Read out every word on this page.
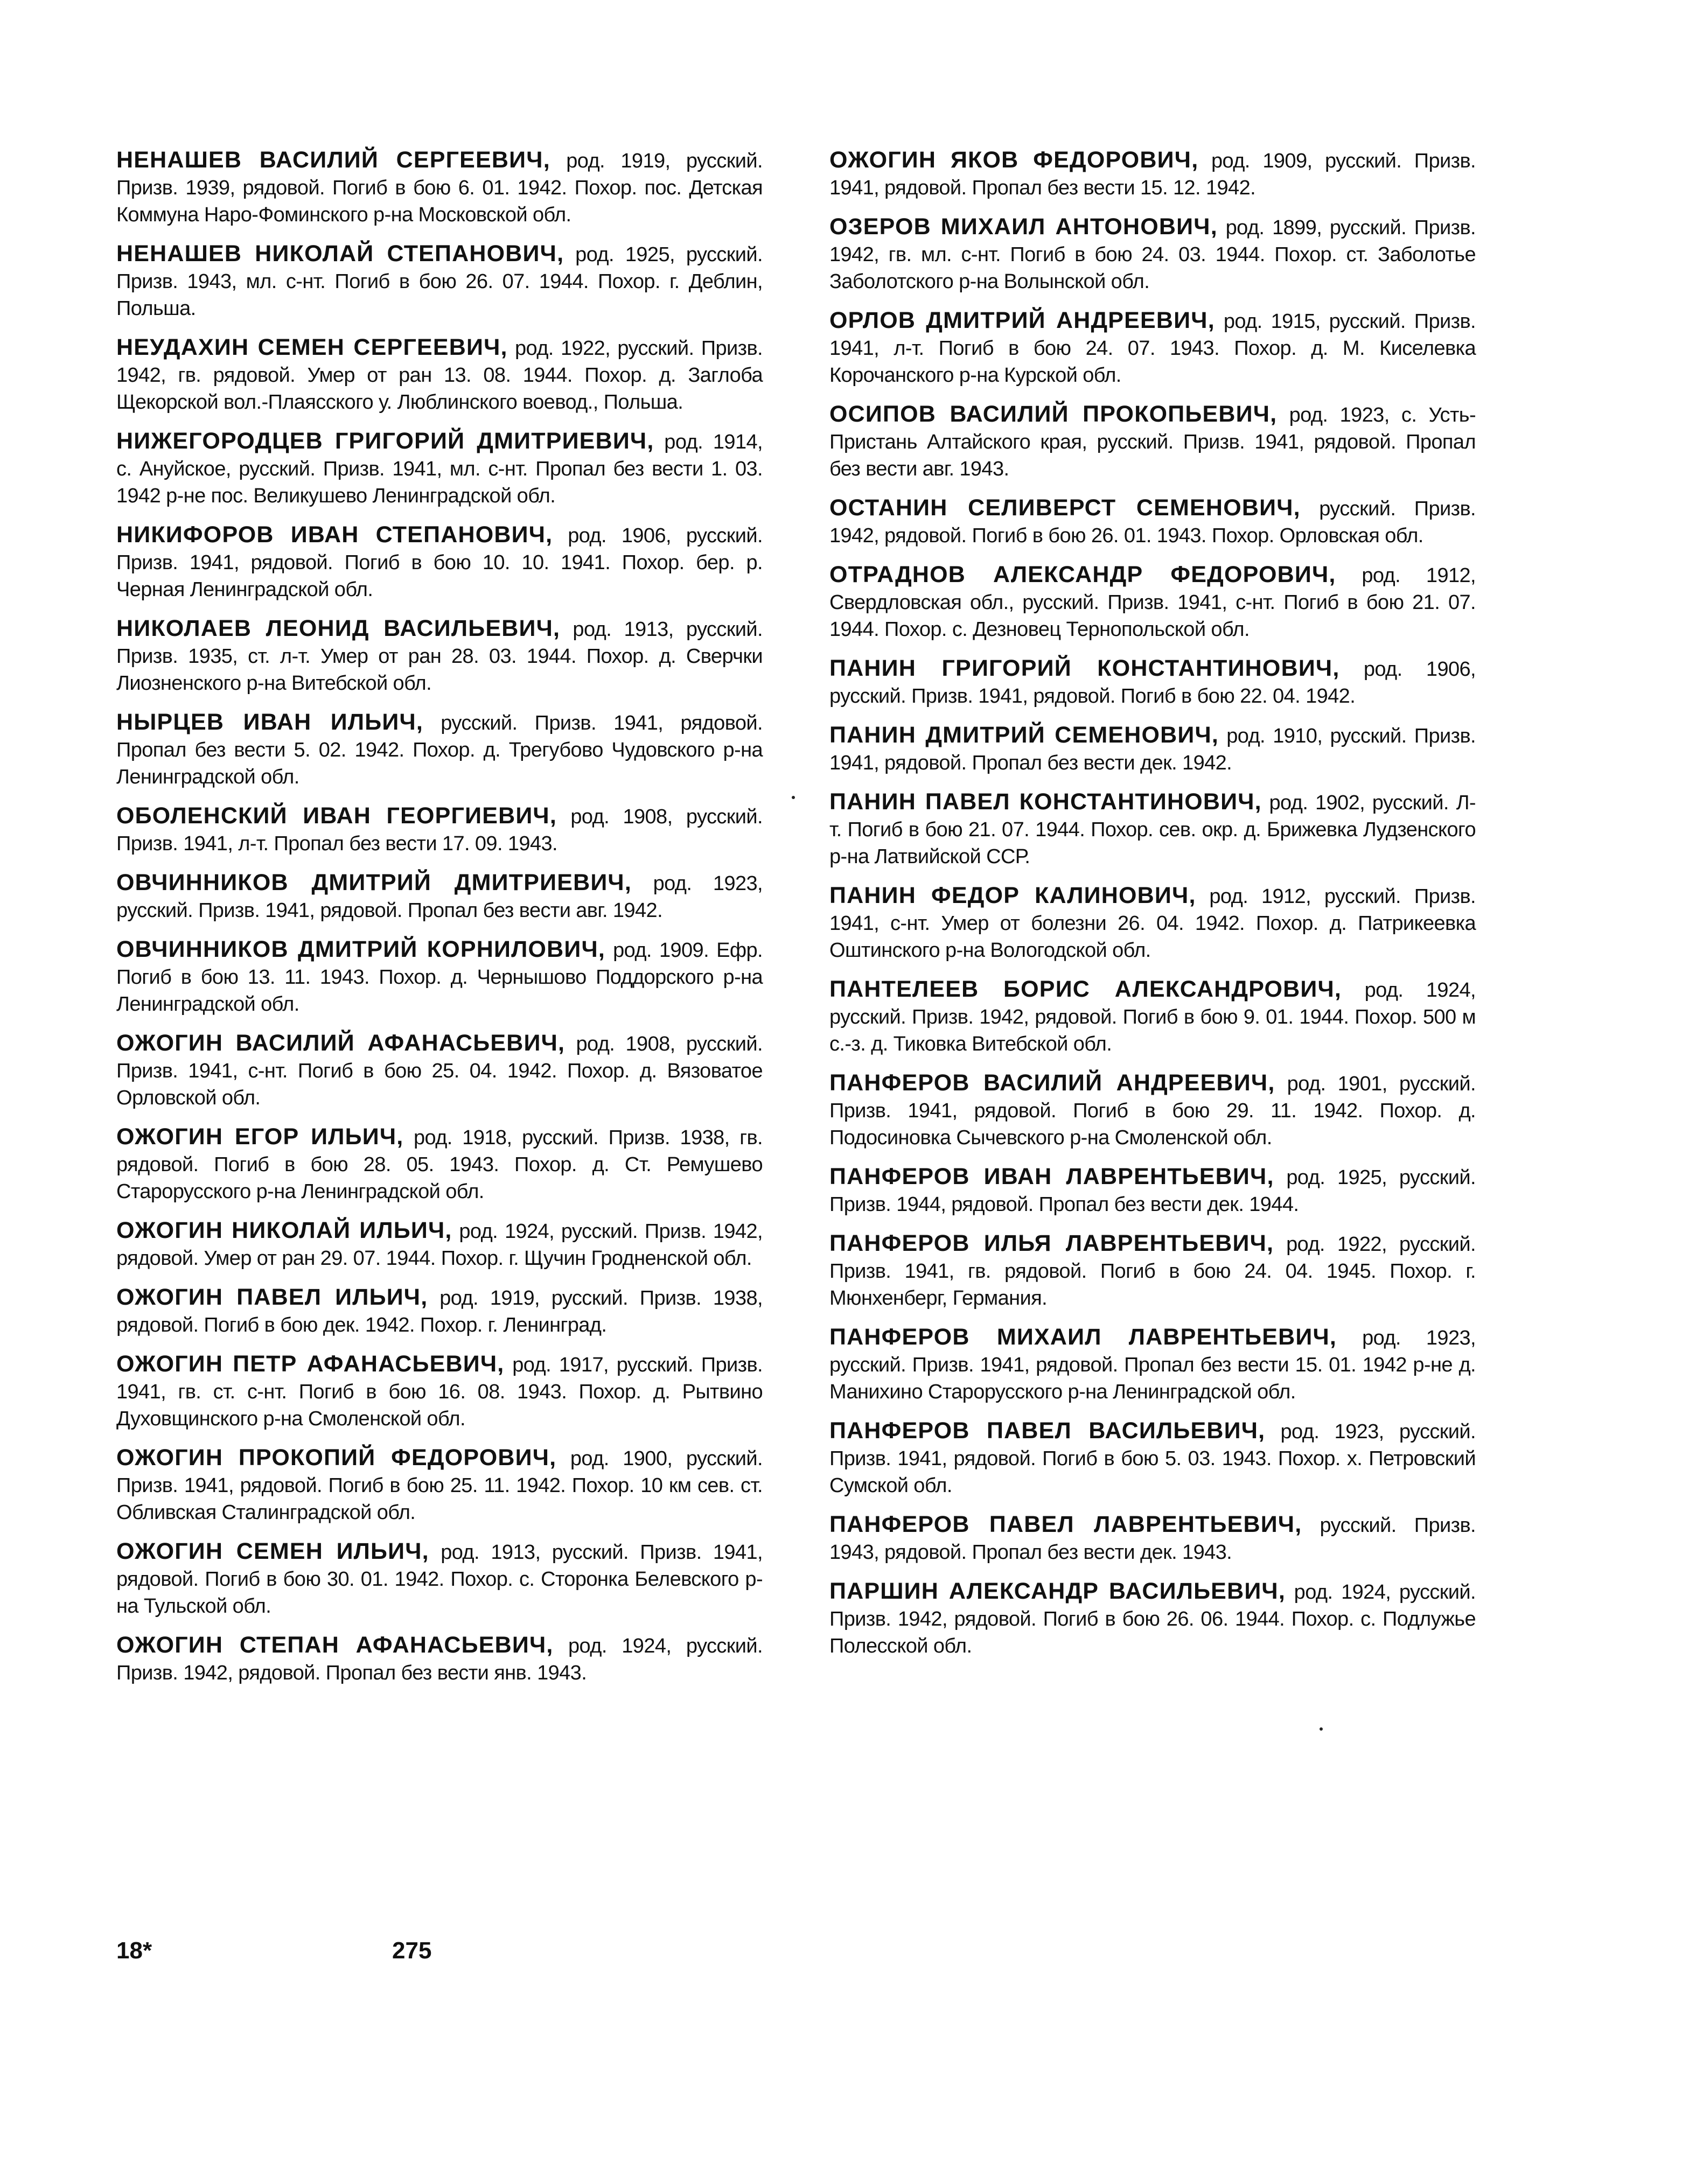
НЕНАШЕВ ВАСИЛИЙ СЕРГЕЕВИЧ, род. 1919, русский. Призв. 1939, рядовой. Погиб в бою 6. 01. 1942. Похор. пос. Детская Коммуна Наро-Фоминского р-на Московской обл.

НЕНАШЕВ НИКОЛАЙ СТЕПАНОВИЧ, род. 1925, русский. Призв. 1943, мл. с-нт. Погиб в бою 26. 07. 1944. Похор. г. Деблин, Польша.

НЕУДАХИН СЕМЕН СЕРГЕЕВИЧ, род. 1922, русский. Призв. 1942, гв. рядовой. Умер от ран 13. 08. 1944. Похор. д. Заглоба Щекорской вол.-Плаясского у. Люблинского воевод., Польша.

НИЖЕГОРОДЦЕВ ГРИГОРИЙ ДМИТРИЕВИЧ, род. 1914, с. Ануйское, русский. Призв. 1941, мл. с-нт. Пропал без вести 1. 03. 1942 р-не пос. Великушево Ленинградской обл.

НИКИФОРОВ ИВАН СТЕПАНОВИЧ, род. 1906, русский. Призв. 1941, рядовой. Погиб в бою 10. 10. 1941. Похор. бер. р. Черная Ленинградской обл.

НИКОЛАЕВ ЛЕОНИД ВАСИЛЬЕВИЧ, род. 1913, русский. Призв. 1935, ст. л-т. Умер от ран 28. 03. 1944. Похор. д. Сверчки Лиозненского р-на Витебской обл.

НЫРЦЕВ ИВАН ИЛЬИЧ, русский. Призв. 1941, рядовой. Пропал без вести 5. 02. 1942. Похор. д. Трегубово Чудовского р-на Ленинградской обл.

ОБОЛЕНСКИЙ ИВАН ГЕОРГИЕВИЧ, род. 1908, русский. Призв. 1941, л-т. Пропал без вести 17. 09. 1943.

ОВЧИННИКОВ ДМИТРИЙ ДМИТРИЕВИЧ, род. 1923, русский. Призв. 1941, рядовой. Пропал без вести авг. 1942.

ОВЧИННИКОВ ДМИТРИЙ КОРНИЛОВИЧ, род. 1909. Ефр. Погиб в бою 13. 11. 1943. Похор. д. Чернышово Поддорского р-на Ленинградской обл.

ОЖОГИН ВАСИЛИЙ АФАНАСЬЕВИЧ, род. 1908, русский. Призв. 1941, с-нт. Погиб в бою 25. 04. 1942. Похор. д. Вязоватое Орловской обл.

ОЖОГИН ЕГОР ИЛЬИЧ, род. 1918, русский. Призв. 1938, гв. рядовой. Погиб в бою 28. 05. 1943. Похор. д. Ст. Ремушево Старорусского р-на Ленинградской обл.

ОЖОГИН НИКОЛАЙ ИЛЬИЧ, род. 1924, русский. Призв. 1942, рядовой. Умер от ран 29. 07. 1944. Похор. г. Щучин Гродненской обл.

ОЖОГИН ПАВЕЛ ИЛЬИЧ, род. 1919, русский. Призв. 1938, рядовой. Погиб в бою дек. 1942. Похор. г. Ленинград.

ОЖОГИН ПЕТР АФАНАСЬЕВИЧ, род. 1917, русский. Призв. 1941, гв. ст. с-нт. Погиб в бою 16. 08. 1943. Похор. д. Рытвино Духовщинского р-на Смоленской обл.

ОЖОГИН ПРОКОПИЙ ФЕДОРОВИЧ, род. 1900, русский. Призв. 1941, рядовой. Погиб в бою 25. 11. 1942. Похор. 10 км сев. ст. Обливская Сталинградской обл.

ОЖОГИН СЕМЕН ИЛЬИЧ, род. 1913, русский. Призв. 1941, рядовой. Погиб в бою 30. 01. 1942. Похор. с. Сторонка Белевского р-на Тульской обл.

ОЖОГИН СТЕПАН АФАНАСЬЕВИЧ, род. 1924, русский. Призв. 1942, рядовой. Пропал без вести янв. 1943.

ОЖОГИН ЯКОВ ФЕДОРОВИЧ, род. 1909, русский. Призв. 1941, рядовой. Пропал без вести 15. 12. 1942.

ОЗЕРОВ МИХАИЛ АНТОНОВИЧ, род. 1899, русский. Призв. 1942, гв. мл. с-нт. Погиб в бою 24. 03. 1944. Похор. ст. Заболотье Заболотского р-на Волынской обл.

ОРЛОВ ДМИТРИЙ АНДРЕЕВИЧ, род. 1915, русский. Призв. 1941, л-т. Погиб в бою 24. 07. 1943. Похор. д. М. Киселевка Корочанского р-на Курской обл.

ОСИПОВ ВАСИЛИЙ ПРОКОПЬЕВИЧ, род. 1923, с. Усть-Пристань Алтайского края, русский. Призв. 1941, рядовой. Пропал без вести авг. 1943.

ОСТАНИН СЕЛИВЕРСТ СЕМЕНОВИЧ, русский. Призв. 1942, рядовой. Погиб в бою 26. 01. 1943. Похор. Орловская обл.

ОТРАДНОВ АЛЕКСАНДР ФЕДОРОВИЧ, род. 1912, Свердловская обл., русский. Призв. 1941, с-нт. Погиб в бою 21. 07. 1944. Похор. с. Дезновец Тернопольской обл.

ПАНИН ГРИГОРИЙ КОНСТАНТИНОВИЧ, род. 1906, русский. Призв. 1941, рядовой. Погиб в бою 22. 04. 1942.

ПАНИН ДМИТРИЙ СЕМЕНОВИЧ, род. 1910, русский. Призв. 1941, рядовой. Пропал без вести дек. 1942.

ПАНИН ПАВЕЛ КОНСТАНТИНОВИЧ, род. 1902, русский. Л-т. Погиб в бою 21. 07. 1944. Похор. сев. окр. д. Брижевка Лудзенского р-на Латвийской ССР.

ПАНИН ФЕДОР КАЛИНОВИЧ, род. 1912, русский. Призв. 1941, с-нт. Умер от болезни 26. 04. 1942. Похор. д. Патрикеевка Оштинского р-на Вологодской обл.

ПАНТЕЛЕЕВ БОРИС АЛЕКСАНДРОВИЧ, род. 1924, русский. Призв. 1942, рядовой. Погиб в бою 9. 01. 1944. Похор. 500 м с.-з. д. Тиковка Витебской обл.

ПАНФЕРОВ ВАСИЛИЙ АНДРЕЕВИЧ, род. 1901, русский. Призв. 1941, рядовой. Погиб в бою 29. 11. 1942. Похор. д. Подосиновка Сычевского р-на Смоленской обл.

ПАНФЕРОВ ИВАН ЛАВРЕНТЬЕВИЧ, род. 1925, русский. Призв. 1944, рядовой. Пропал без вести дек. 1944.

ПАНФЕРОВ ИЛЬЯ ЛАВРЕНТЬЕВИЧ, род. 1922, русский. Призв. 1941, гв. рядовой. Погиб в бою 24. 04. 1945. Похор. г. Мюнхенберг, Германия.

ПАНФЕРОВ МИХАИЛ ЛАВРЕНТЬЕВИЧ, род. 1923, русский. Призв. 1941, рядовой. Пропал без вести 15. 01. 1942 р-не д. Манихино Старорусского р-на Ленинградской обл.

ПАНФЕРОВ ПАВЕЛ ВАСИЛЬЕВИЧ, род. 1923, русский. Призв. 1941, рядовой. Погиб в бою 5. 03. 1943. Похор. х. Петровский Сумской обл.

ПАНФЕРОВ ПАВЕЛ ЛАВРЕНТЬЕВИЧ, русский. Призв. 1943, рядовой. Пропал без вести дек. 1943.

ПАРШИН АЛЕКСАНДР ВАСИЛЬЕВИЧ, род. 1924, русский. Призв. 1942, рядовой. Погиб в бою 26. 06. 1944. Похор. с. Подлужье Полесской обл.

18*	275
